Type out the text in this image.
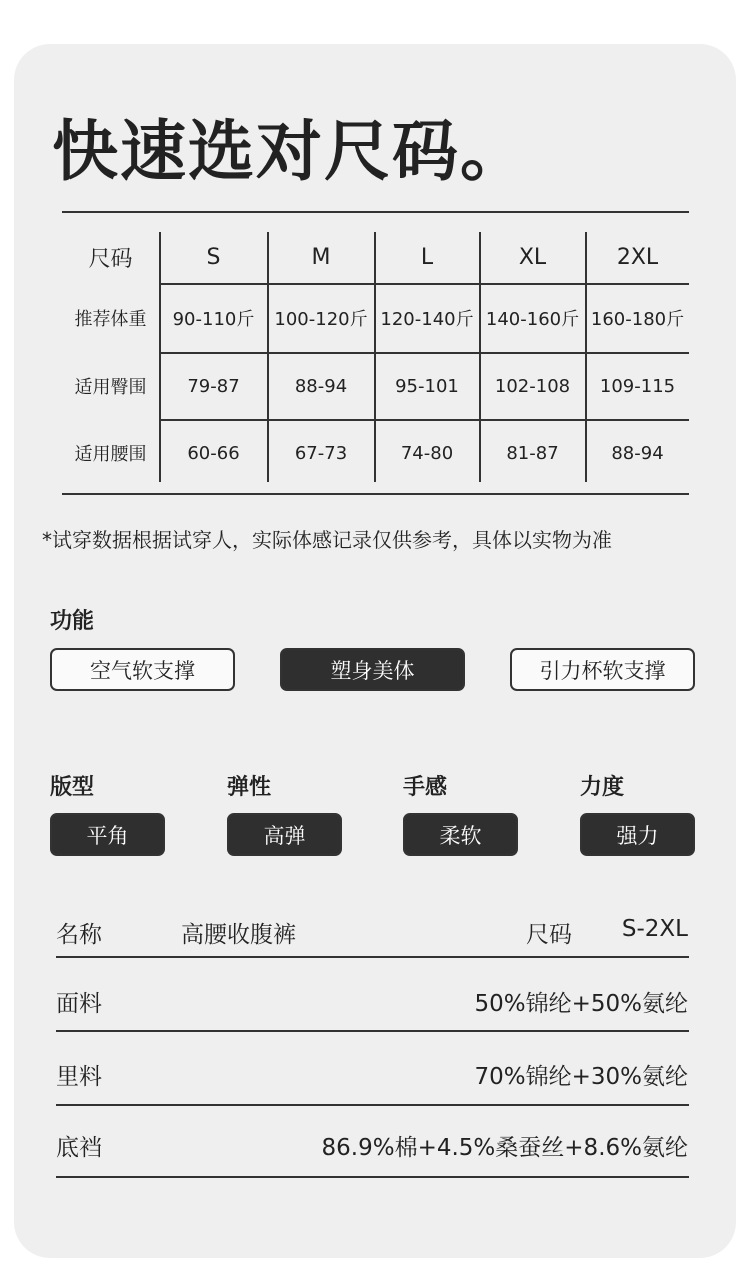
快速选对尺码。
尺码	S	M	L	XL	2XL
推荐体重	90-110斤	100-120斤 120-140斤 140-160斤 160-180斤
适用臀围	79-87	88-94	95-101	102-108	109-115
适用腰围	60-66	67-73	74-80	81-87	88-94
*试穿数据根据试穿人，实际体感记录仅供参考，具体以实物为准
功能
空气软支撑	塑身美体	引力杯软支撑
版型	弹性	手感	力度
平角	高弹	柔软	强力
名称	高腰收腹裤	尺码 S-2XL
面料	50%锦纶+50%氨纶
里料	70%锦纶+30%氨纶
底裆	86.9%棉+4.5%桑蚕丝+8.6%氨纶
